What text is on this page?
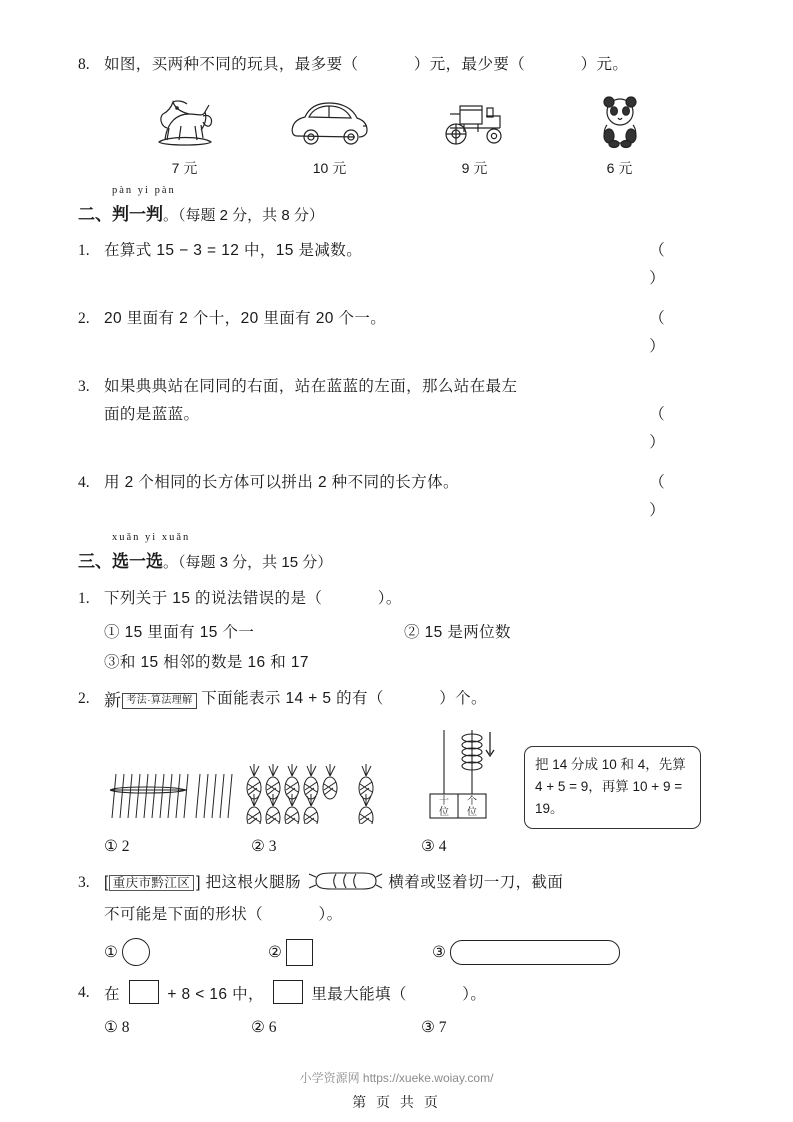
8. 如图，买两种不同的玩具，最多要（	）元，最少要（	）元。
7 元	10 元	9 元	6 元
二、
pàn yi pàn
判一判 。（每题 2 分，共 8 分）
1. 在算式 15 − 3 = 12 中，15 是减数。	（ ）
2. 20 里面有 2 个十，20 里面有 20 个一。	（ ）
3. 如果典典站在同同的右面，站在蓝蓝的左面，那么站在最左
面的是蓝蓝。	（ ）
4. 用 2 个相同的长方体可以拼出 2 种不同的长方体。	（ ）
三、
xuǎn yi xuǎn
选一选 。（每题 3 分，共 15 分）
1. 下列关于 15 的说法错误的是（	）。
① 15 里面有 15 个一	② 15 是两位数
③和 15 相邻的数是 16 和 17
2. 新 考法·算法理解 下面能表示 14 + 5 的有（	）个。
十
位
个
位
把 14 分成 10 和 4，先算 4 + 5 = 9，再算 10 + 9 = 19。
① 2	② 3	③ 4
3. [ 重庆市黔江区 ] 把这根火腿肠	横着或竖着切一刀，截面
不可能是下面的形状（	）。
①	②	③
4. 在	+ 8 < 16 中，	里最大能填（	）。
① 8	② 6	③ 7
小学资源网 https://xueke.woiay.com/
第 页 共 页
